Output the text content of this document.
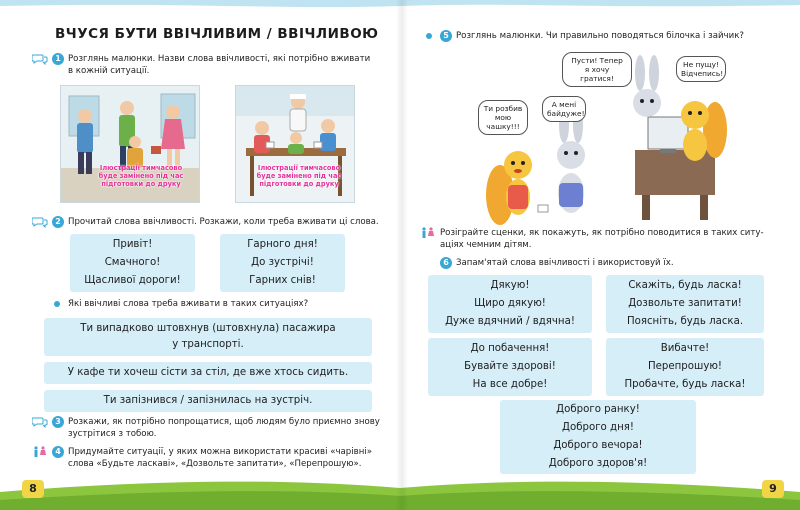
ВЧУСЯ БУТИ ВВІЧЛИВИМ / ВВІЧЛИВОЮ
1 Розглянь малюнки. Назви слова ввічливості, які потрібно вживати
в кожній ситуації.
Ілюстрації тимчасово
буде замінено під час
підготовки до друку
Ілюстрації тимчасово
буде замінено під час
підготовки до друку
2 Прочитай слова ввічливості. Розкажи, коли треба вживати ці слова.
Привіт!
Смачного!
Щасливої дороги!
Гарного дня!
До зустрічі!
Гарних снів!
Які ввічливі слова треба вживати в таких ситуаціях?
Ти випадково штовхнув (штовхнула) пасажира
у транспорті.
У кафе ти хочеш сісти за стіл, де вже хтось сидить.
Ти запізнився / запізнилась на зустріч.
3 Розкажи, як потрібно попрощатися, щоб людям було приємно знову
зустрітися з тобою.
4 Придумайте ситуації, у яких можна використати красиві «чарівні»
слова «Будьте ласкаві», «Дозвольте запитати», «Перепрошую».
8
5 Розглянь малюнки. Чи правильно поводяться білочка і зайчик?
Ти розбив
мою
чашку!!!
А мені
байдуже!
Пусти! Тепер
я хочу гратися!
Не пущу!
Відчепись!
Розіграйте сценки, як покажуть, як потрібно поводитися в таких ситу-
аціях чемним дітям.
6 Запам'ятай слова ввічливості і використовуй їх.
Дякую!
Щиро дякую!
Дуже вдячний / вдячна!
Скажіть, будь ласка!
Дозвольте запитати!
Поясніть, будь ласка.
До побачення!
Бувайте здорові!
На все добре!
Вибачте!
Перепрошую!
Пробачте, будь ласка!
Доброго ранку!
Доброго дня!
Доброго вечора!
Доброго здоров'я!
9
